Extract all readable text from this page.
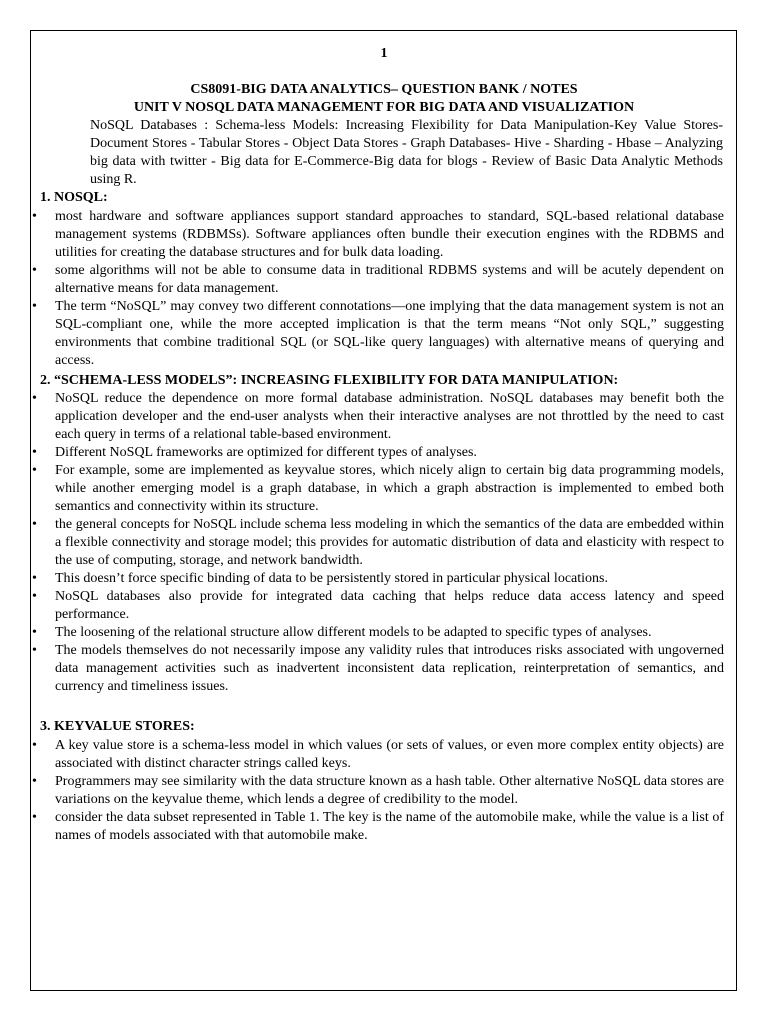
1
CS8091-BIG DATA ANALYTICS– QUESTION BANK / NOTES
UNIT V NOSQL DATA MANAGEMENT FOR BIG DATA AND VISUALIZATION
NoSQL Databases : Schema-less Models: Increasing Flexibility for Data Manipulation-Key Value Stores- Document Stores - Tabular Stores - Object Data Stores - Graph Databases- Hive - Sharding - Hbase – Analyzing big data with twitter - Big data for E-Commerce-Big data for blogs - Review of Basic Data Analytic Methods using R.
1. NOSQL:
• most hardware and software appliances support standard approaches to standard, SQL-based relational database management systems (RDBMSs). Software appliances often bundle their execution engines with the RDBMS and utilities for creating the database structures and for bulk data loading.
• some algorithms will not be able to consume data in traditional RDBMS systems and will be acutely dependent on alternative means for data management.
• The term “NoSQL” may convey two different connotations—one implying that the data management system is not an SQL-compliant one, while the more accepted implication is that the term means “Not only SQL,” suggesting environments that combine traditional SQL (or SQL-like query languages) with alternative means of querying and access.
2. “SCHEMA-LESS MODELS”: INCREASING FLEXIBILITY FOR DATA MANIPULATION:
• NoSQL reduce the dependence on more formal database administration. NoSQL databases may benefit both the application developer and the end-user analysts when their interactive analyses are not throttled by the need to cast each query in terms of a relational table-based environment.
• Different NoSQL frameworks are optimized for different types of analyses.
• For example, some are implemented as keyvalue stores, which nicely align to certain big data programming models, while another emerging model is a graph database, in which a graph abstraction is implemented to embed both semantics and connectivity within its structure.
• the general concepts for NoSQL include schema less modeling in which the semantics of the data are embedded within a flexible connectivity and storage model; this provides for automatic distribution of data and elasticity with respect to the use of computing, storage, and network bandwidth.
• This doesn’t force specific binding of data to be persistently stored in particular physical locations.
• NoSQL databases also provide for integrated data caching that helps reduce data access latency and speed performance.
• The loosening of the relational structure allow different models to be adapted to specific types of analyses.
• The models themselves do not necessarily impose any validity rules that introduces risks associated with ungoverned data management activities such as inadvertent inconsistent data replication, reinterpretation of semantics, and currency and timeliness issues.
3. KEYVALUE STORES:
• A key value store is a schema-less model in which values (or sets of values, or even more complex entity objects) are associated with distinct character strings called keys.
• Programmers may see similarity with the data structure known as a hash table. Other alternative NoSQL data stores are variations on the keyvalue theme, which lends a degree of credibility to the model.
• consider the data subset represented in Table 1. The key is the name of the automobile make, while the value is a list of names of models associated with that automobile make.
